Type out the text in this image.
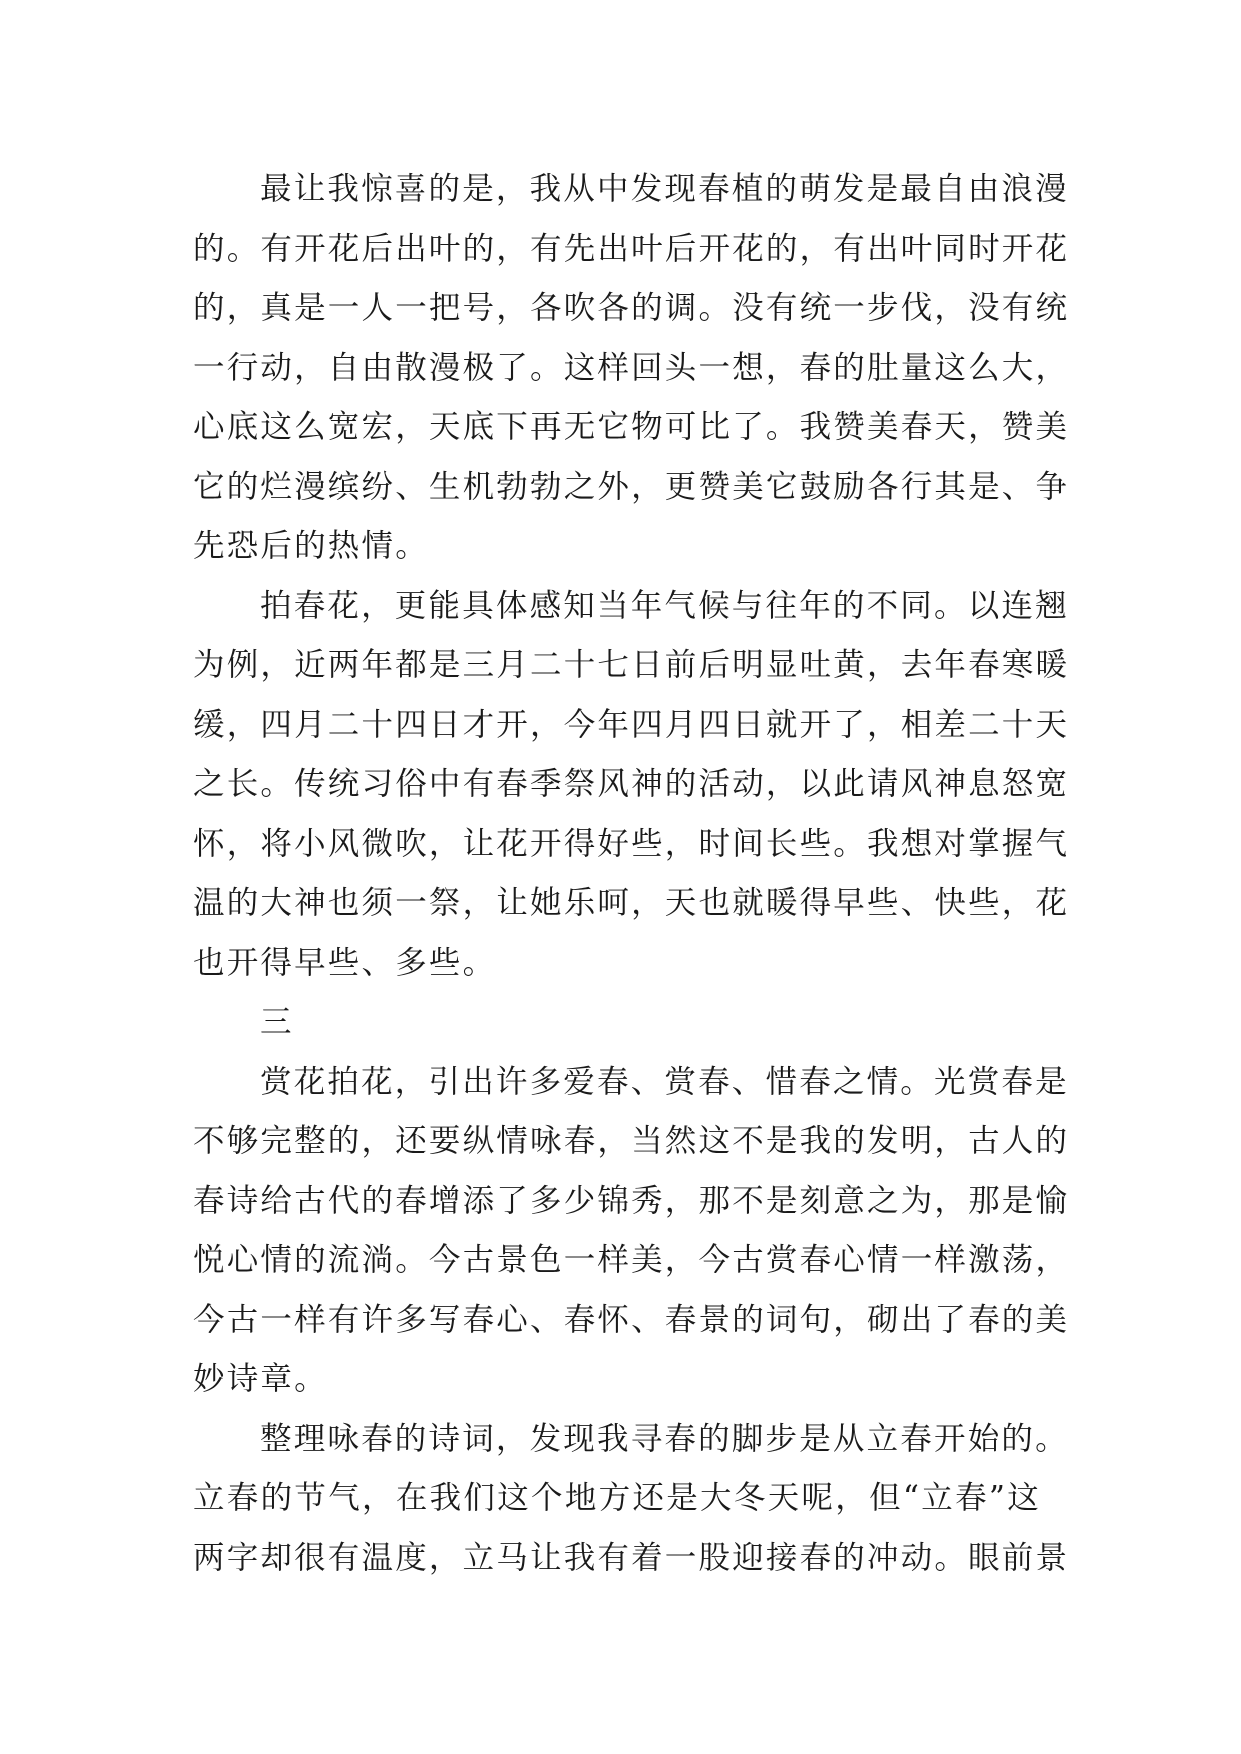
最让我惊喜的是，我从中发现春植的萌发是最自由浪漫
的。有开花后出叶的，有先出叶后开花的，有出叶同时开花
的，真是一人一把号，各吹各的调。没有统一步伐，没有统
一行动，自由散漫极了。这样回头一想，春的肚量这么大，
心底这么宽宏，天底下再无它物可比了。我赞美春天，赞美
它的烂漫缤纷、生机勃勃之外，更赞美它鼓励各行其是、争
先恐后的热情。
拍春花，更能具体感知当年气候与往年的不同。以连翘
为例，近两年都是三月二十七日前后明显吐黄，去年春寒暖
缓，四月二十四日才开，今年四月四日就开了，相差二十天
之长。传统习俗中有春季祭风神的活动，以此请风神息怒宽
怀，将小风微吹，让花开得好些，时间长些。我想对掌握气
温的大神也须一祭，让她乐呵，天也就暖得早些、快些，花
也开得早些、多些。
三
赏花拍花，引出许多爱春、赏春、惜春之情。光赏春是
不够完整的，还要纵情咏春，当然这不是我的发明，古人的
春诗给古代的春增添了多少锦秀，那不是刻意之为，那是愉
悦心情的流淌。今古景色一样美，今古赏春心情一样激荡，
今古一样有许多写春心、春怀、春景的词句，砌出了春的美
妙诗章。
整理咏春的诗词，发现我寻春的脚步是从立春开始的。
立春的节气，在我们这个地方还是大冬天呢，但“立春”这
两字却很有温度，立马让我有着一股迎接春的冲动。眼前景
